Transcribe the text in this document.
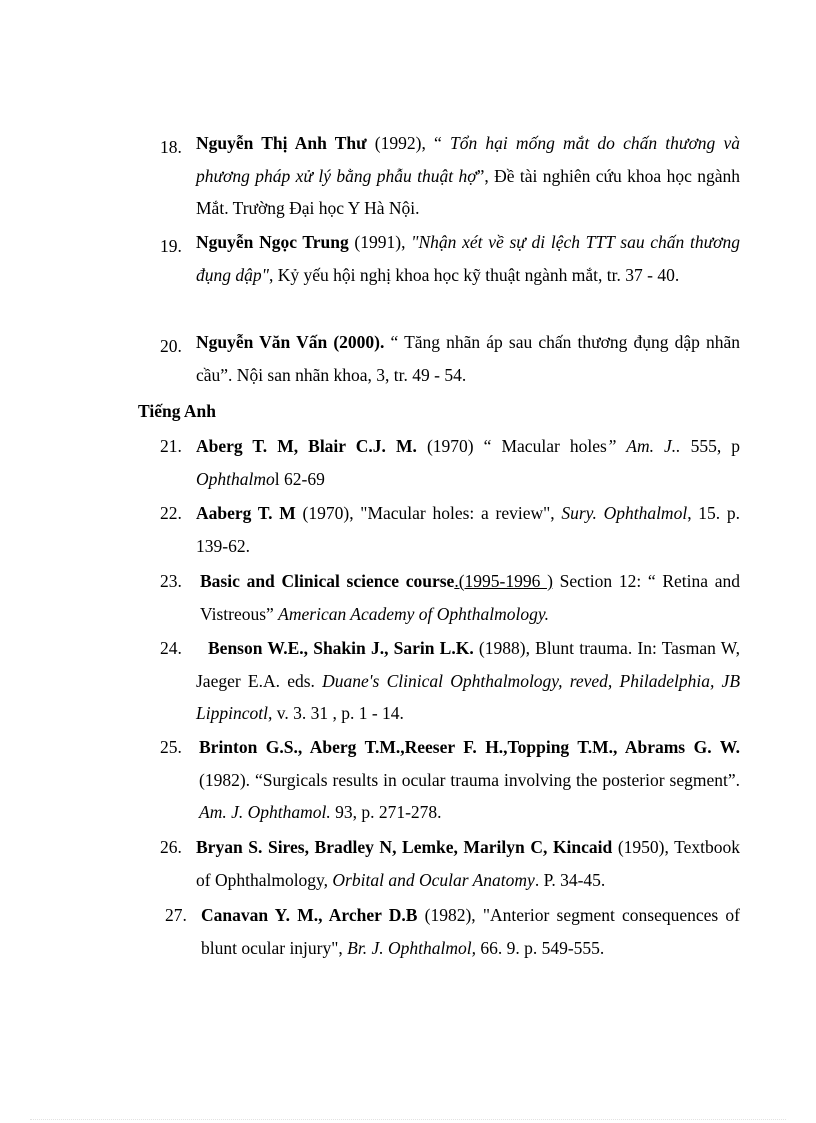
18. Nguyễn Thị Anh Thư (1992), “ Tổn hại mống mắt do chấn thương và phương pháp xử lý bằng phẫu thuật hợ”, Đề tài nghiên cứu khoa học ngành Mắt. Trường Đại học Y Hà Nội.
19. Nguyễn Ngọc Trung (1991), "Nhận xét về sự di lệch TTT sau chấn thương đụng dập", Kỷ yếu hội nghị khoa học kỹ thuật ngành mắt, tr. 37 - 40.
20. Nguyễn Văn Vấn (2000). “ Tăng nhãn áp sau chấn thương đụng dập nhãn cầu”. Nội san nhãn khoa, 3, tr. 49 - 54.
Tiếng Anh
21. Aberg T. M, Blair C.J. M. (1970) “ Macular holes” Am. J.. 555, p Ophthalmol 62-69
22. Aaberg T. M (1970), "Macular holes: a review", Sury. Ophthalmol, 15. p. 139-62.
23.	Basic and Clinical science course.(1995-1996 ) Section 12: “ Retina and Vistreous” American Academy of Ophthalmology.
24.	Benson W.E., Shakin J., Sarin L.K. (1988), Blunt trauma. In: Tasman W, Jaeger E.A. eds. Duane's Clinical Ophthalmology, reved, Philadelphia, JB Lippincotl, v. 3. 31 , p. 1 - 14.
25. Brinton G.S., Aberg T.M.,Reeser F. H.,Topping T.M., Abrams G. W. (1982). “Surgicals results in ocular trauma involving the posterior segment”. Am. J. Ophthamol. 93, p. 271-278.
26. Bryan S. Sires, Bradley N, Lemke, Marilyn C, Kincaid (1950), Textbook of Ophthalmology, Orbital and Ocular Anatomy. P. 34-45.
27. Canavan Y. M., Archer D.B (1982), "Anterior segment consequences of blunt ocular injury", Br. J. Ophthalmol, 66. 9. p. 549-555.
